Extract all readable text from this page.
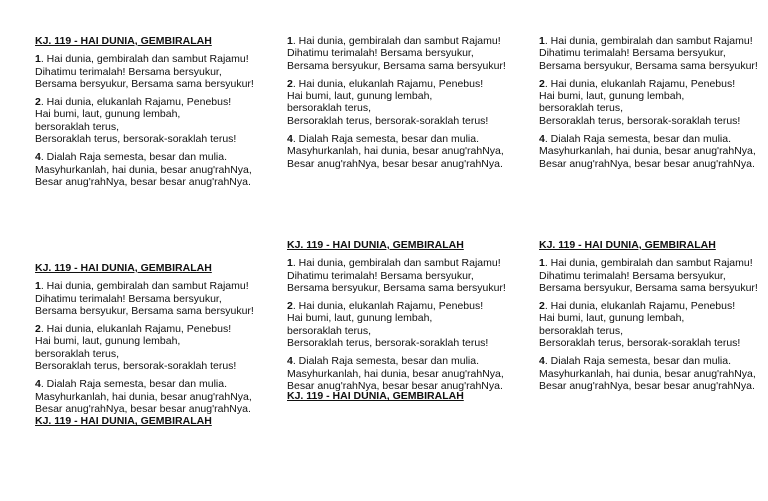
KJ. 119 - HAI DUNIA, GEMBIRALAH
1. Hai dunia, gembiralah dan sambut Rajamu!
Dihatimu terimalah! Bersama bersyukur,
Bersama bersyukur, Bersama sama bersyukur!
2. Hai dunia, elukanlah Rajamu, Penebus!
Hai bumi, laut, gunung lembah,
bersoraklah terus,
Bersoraklah terus, bersorak-soraklah terus!
4. Dialah Raja semesta, besar dan mulia.
Masyhurkanlah, hai dunia, besar anug'rahNya,
Besar anug'rahNya, besar besar anug'rahNya.
1. Hai dunia, gembiralah dan sambut Rajamu!
Dihatimu terimalah! Bersama bersyukur,
Bersama bersyukur, Bersama sama bersyukur!
2. Hai dunia, elukanlah Rajamu, Penebus!
Hai bumi, laut, gunung lembah,
bersoraklah terus,
Bersoraklah terus, bersorak-soraklah terus!
4. Dialah Raja semesta, besar dan mulia.
Masyhurkanlah, hai dunia, besar anug'rahNya,
Besar anug'rahNya, besar besar anug'rahNya.
1. Hai dunia, gembiralah dan sambut Rajamu!
Dihatimu terimalah! Bersama bersyukur,
Bersama bersyukur, Bersama sama bersyukur!
2. Hai dunia, elukanlah Rajamu, Penebus!
Hai bumi, laut, gunung lembah,
bersoraklah terus,
Bersoraklah terus, bersorak-soraklah terus!
4. Dialah Raja semesta, besar dan mulia.
Masyhurkanlah, hai dunia, besar anug'rahNya,
Besar anug'rahNya, besar besar anug'rahNya.
KJ. 119 - HAI DUNIA, GEMBIRALAH
1. Hai dunia, gembiralah dan sambut Rajamu!
Dihatimu terimalah! Bersama bersyukur,
Bersama bersyukur, Bersama sama bersyukur!
2. Hai dunia, elukanlah Rajamu, Penebus!
Hai bumi, laut, gunung lembah,
bersoraklah terus,
Bersoraklah terus, bersorak-soraklah terus!
4. Dialah Raja semesta, besar dan mulia.
Masyhurkanlah, hai dunia, besar anug'rahNya,
Besar anug'rahNya, besar besar anug'rahNya.
KJ. 119 - HAI DUNIA, GEMBIRALAH
KJ. 119 - HAI DUNIA, GEMBIRALAH
1. Hai dunia, gembiralah dan sambut Rajamu!
Dihatimu terimalah! Bersama bersyukur,
Bersama bersyukur, Bersama sama bersyukur!
2. Hai dunia, elukanlah Rajamu, Penebus!
Hai bumi, laut, gunung lembah,
bersoraklah terus,
Bersoraklah terus, bersorak-soraklah terus!
4. Dialah Raja semesta, besar dan mulia.
Masyhurkanlah, hai dunia, besar anug'rahNya,
Besar anug'rahNya, besar besar anug'rahNya.
KJ. 119 - HAI DUNIA, GEMBIRALAH
KJ. 119 - HAI DUNIA, GEMBIRALAH
1. Hai dunia, gembiralah dan sambut Rajamu!
Dihatimu terimalah! Bersama bersyukur,
Bersama bersyukur, Bersama sama bersyukur!
2. Hai dunia, elukanlah Rajamu, Penebus!
Hai bumi, laut, gunung lembah,
bersoraklah terus,
Bersoraklah terus, bersorak-soraklah terus!
4. Dialah Raja semesta, besar dan mulia.
Masyhurkanlah, hai dunia, besar anug'rahNya,
Besar anug'rahNya, besar besar anug'rahNya.
